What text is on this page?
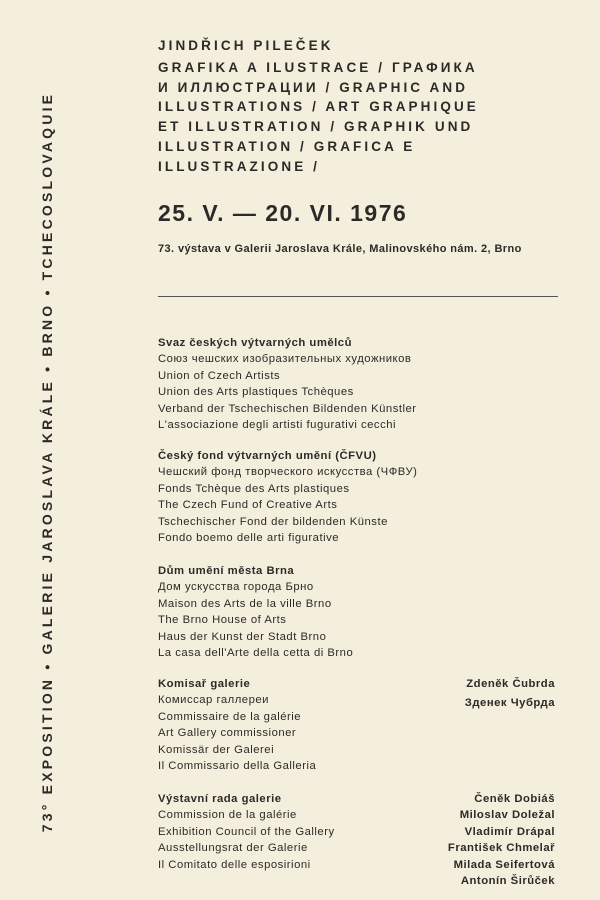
73° EXPOSITION • GALERIE JAROSLAVA KRÁLE • BRNO • TCHECOSLOVAQUIE
JINDŘICH PILEČEK
GRAFIKA A ILUSTRACE / ГРАФИКА
И ИЛЛЮСТРАЦИИ / GRAPHIC AND
ILLUSTRATIONS / ART GRAPHIQUE
ET ILLUSTRATION / GRAPHIK UND
ILLUSTRATION / GRAFICA E
ILLUSTRAZIONE /
25. V. — 20. VI. 1976
73. výstava v Galerii Jaroslava Krále, Malinovského nám. 2, Brno
Svaz českých výtvarných umělců
Союз чешских изобразительных художников
Union of Czech Artists
Union des Arts plastiques Tchèques
Verband der Tschechischen Bildenden Künstler
L'associazione degli artisti fugurativi cecchi
Český fond výtvarných umění (ČFVU)
Чешский фонд творческого искусства (ЧФВУ)
Fonds Tchèque des Arts plastiques
The Czech Fund of Creative Arts
Tschechischer Fond der bildenden Künste
Fondo boemo delle arti figurative
Dům umění města Brna
Дом ускусства города Брно
Maison des Arts de la ville Brno
The Brno House of Arts
Haus der Kunst der Stadt Brno
La casa dell'Arte della cetta di Brno
Komisař galerie
Комиссар галлереи
Commissaire de la galérie
Art Gallery commissioner
Komissär der Galerei
Il Commissario della Galleria
Zdeněk Čubrda
Зденек Чубрда
Výstavní rada galerie
Commission de la galérie
Exhibition Council of the Gallery
Ausstellungsrat der Galerie
Il Comitato delle esposirioni
Čeněk Dobiáš
Miloslav Doležal
Vladimír Drápal
František Chmelař
Milada Seifertová
Antonín Širůček
